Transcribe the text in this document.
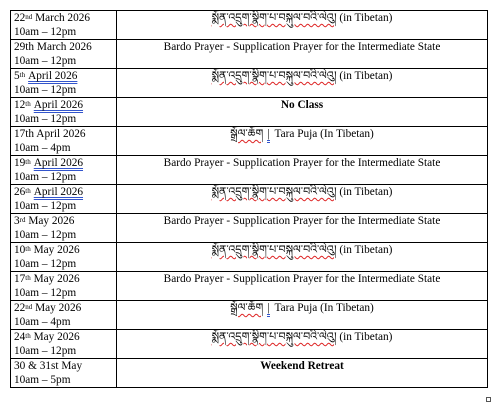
22nd March 2026
10am – 12pm	སྨོན་འདྲུག་སྣིག་པ་བསྐུལ་བའི་ལེའུ། (in Tibetan)

29th March 2026
10am – 12pm	Bardo Prayer - Supplication Prayer for the Intermediate State

5th April 2026
10am – 12pm	སྨོན་འདྲུག་སྣིག་པ་བསྐུལ་བའི་ལེའུ། (in Tibetan)

12th April 2026
10am – 12pm	No Class

17th April 2026
10am – 4pm	སྒྲོལ་ཆོག | Tara Puja (In Tibetan)

19th April 2026
10am – 12pm	Bardo Prayer - Supplication Prayer for the Intermediate State

26th April 2026
10am – 12pm	སྨོན་འདྲུག་སྣིག་པ་བསྐུལ་བའི་ལེའུ། (in Tibetan)

3rd May 2026
10am – 12pm	Bardo Prayer - Supplication Prayer for the Intermediate State

10th May 2026
10am – 12pm	སྨོན་འདྲུག་སྣིག་པ་བསྐུལ་བའི་ལེའུ། (in Tibetan)

17th May 2026
10am – 12pm	Bardo Prayer - Supplication Prayer for the Intermediate State

22nd May 2026
10am – 4pm	སྒྲོལ་ཆོག | Tara Puja (In Tibetan)

24th May 2026
10am – 12pm	སྨོན་འདྲུག་སྣིག་པ་བསྐུལ་བའི་ལེའུ། (in Tibetan)

30 & 31st May
10am – 5pm	Weekend Retreat
